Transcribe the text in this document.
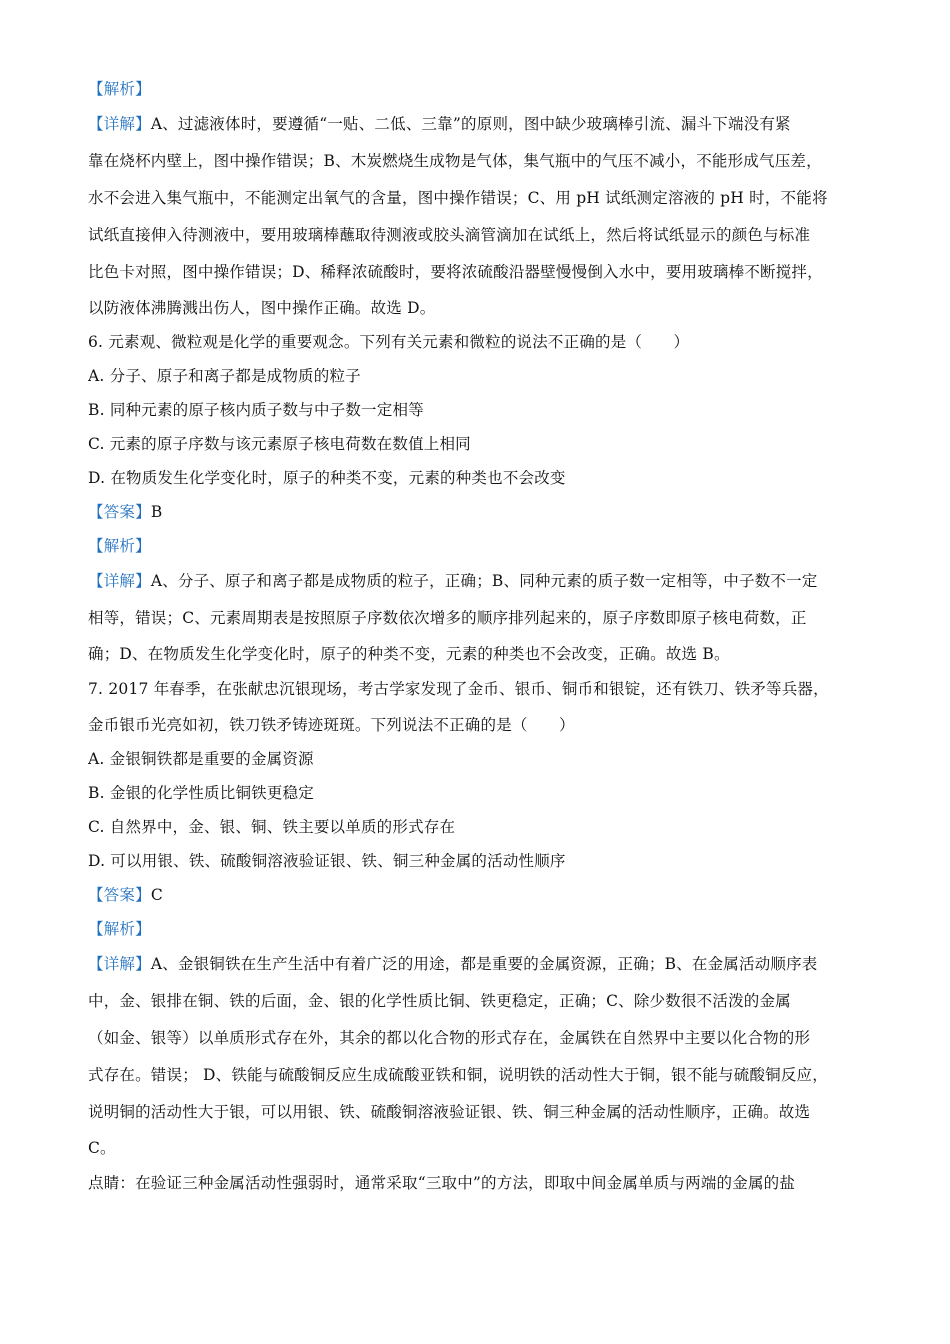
【解析】
【详解】A、过滤液体时，要遵循“一贴、二低、三靠”的原则，图中缺少玻璃棒引流、漏斗下端没有紧
靠在烧杯内壁上，图中操作错误；B、木炭燃烧生成物是气体，集气瓶中的气压不减小，不能形成气压差，
水不会进入集气瓶中，不能测定出氧气的含量，图中操作错误；C、用 pH 试纸测定溶液的 pH 时，不能将
试纸直接伸入待测液中，要用玻璃棒蘸取待测液或胶头滴管滴加在试纸上，然后将试纸显示的颜色与标准
比色卡对照，图中操作错误；D、稀释浓硫酸时，要将浓硫酸沿器壁慢慢倒入水中，要用玻璃棒不断搅拌，
以防液体沸腾溅出伤人，图中操作正确。故选 D。
6. 元素观、微粒观是化学的重要观念。下列有关元素和微粒的说法不正确的是（　　）
A. 分子、原子和离子都是成物质的粒子
B. 同种元素的原子核内质子数与中子数一定相等
C. 元素的原子序数与该元素原子核电荷数在数值上相同
D. 在物质发生化学变化时，原子的种类不变，元素的种类也不会改变
【答案】B
【解析】
【详解】A、分子、原子和离子都是成物质的粒子，正确；B、同种元素的质子数一定相等，中子数不一定
相等，错误；C、元素周期表是按照原子序数依次增多的顺序排列起来的，原子序数即原子核电荷数，正
确；D、在物质发生化学变化时，原子的种类不变，元素的种类也不会改变，正确。故选 B。
7. 2017 年春季，在张献忠沉银现场，考古学家发现了金币、银币、铜币和银锭，还有铁刀、铁矛等兵器，
金币银币光亮如初，铁刀铁矛铸迹斑斑。下列说法不正确的是（　　）
A. 金银铜铁都是重要的金属资源
B. 金银的化学性质比铜铁更稳定
C. 自然界中，金、银、铜、铁主要以单质的形式存在
D. 可以用银、铁、硫酸铜溶液验证银、铁、铜三种金属的活动性顺序
【答案】C
【解析】
【详解】A、金银铜铁在生产生活中有着广泛的用途，都是重要的金属资源，正确；B、在金属活动顺序表
中，金、银排在铜、铁的后面，金、银的化学性质比铜、铁更稳定，正确；C、除少数很不活泼的金属
（如金、银等）以单质形式存在外，其余的都以化合物的形式存在，金属铁在自然界中主要以化合物的形
式存在。错误； D、铁能与硫酸铜反应生成硫酸亚铁和铜，说明铁的活动性大于铜，银不能与硫酸铜反应，
说明铜的活动性大于银，可以用银、铁、硫酸铜溶液验证银、铁、铜三种金属的活动性顺序，正确。故选
C。
点睛：在验证三种金属活动性强弱时，通常采取“三取中”的方法，即取中间金属单质与两端的金属的盐
